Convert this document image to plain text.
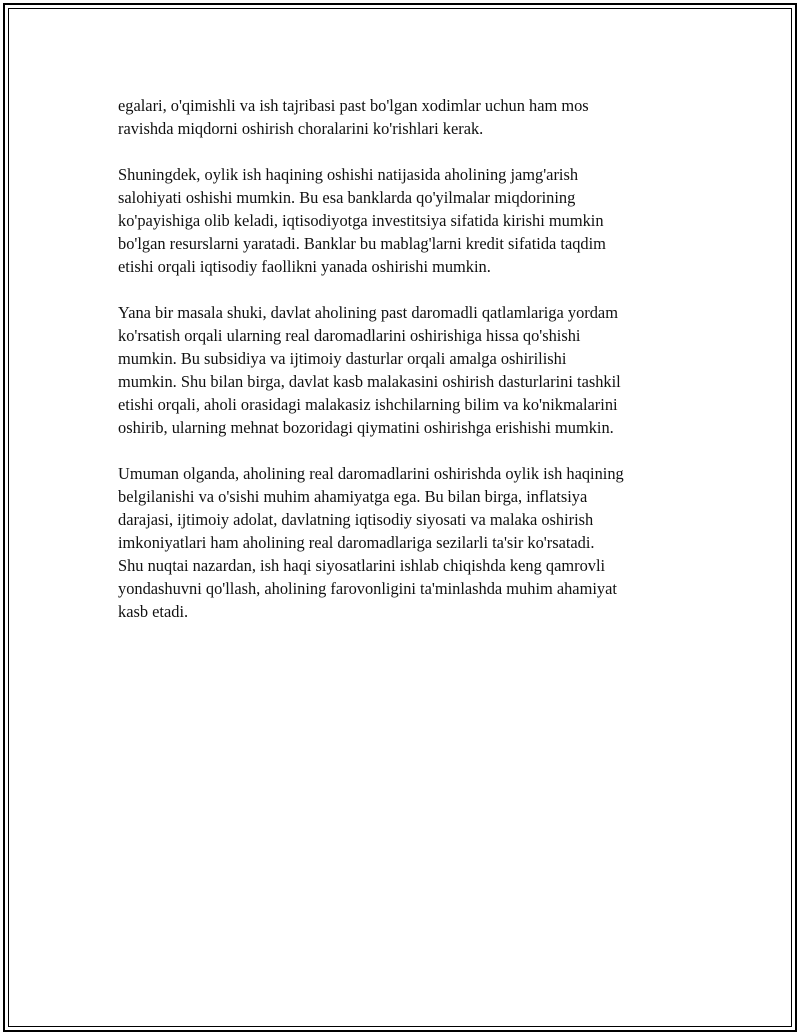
egalari, o'qimishli va ish tajribasi past bo'lgan xodimlar uchun ham mos
ravishda miqdorni oshirish choralarini ko'rishlari kerak.

Shuningdek, oylik ish haqining oshishi natijasida aholining jamg'arish
salohiyati oshishi mumkin. Bu esa banklarda qo'yilmalar miqdorining
ko'payishiga olib keladi, iqtisodiyotga investitsiya sifatida kirishi mumkin
bo'lgan resurslarni yaratadi. Banklar bu mablag'larni kredit sifatida taqdim
etishi orqali iqtisodiy faollikni yanada oshirishi mumkin.

Yana bir masala shuki, davlat aholining past daromadli qatlamlariga yordam
ko'rsatish orqali ularning real daromadlarini oshirishiga hissa qo'shishi
mumkin. Bu subsidiya va ijtimoiy dasturlar orqali amalga oshirilishi
mumkin. Shu bilan birga, davlat kasb malakasini oshirish dasturlarini tashkil
etishi orqali, aholi orasidagi malakasiz ishchilarning bilim va ko'nikmalarini
oshirib, ularning mehnat bozoridagi qiymatini oshirishga erishishi mumkin.

Umuman olganda, aholining real daromadlarini oshirishda oylik ish haqining
belgilanishi va o'sishi muhim ahamiyatga ega. Bu bilan birga, inflatsiya
darajasi, ijtimoiy adolat, davlatning iqtisodiy siyosati va malaka oshirish
imkoniyatlari ham aholining real daromadlariga sezilarli ta'sir ko'rsatadi.
Shu nuqtai nazardan, ish haqi siyosatlarini ishlab chiqishda keng qamrovli
yondashuvni qo'llash, aholining farovonligini ta'minlashda muhim ahamiyat
kasb etadi.
